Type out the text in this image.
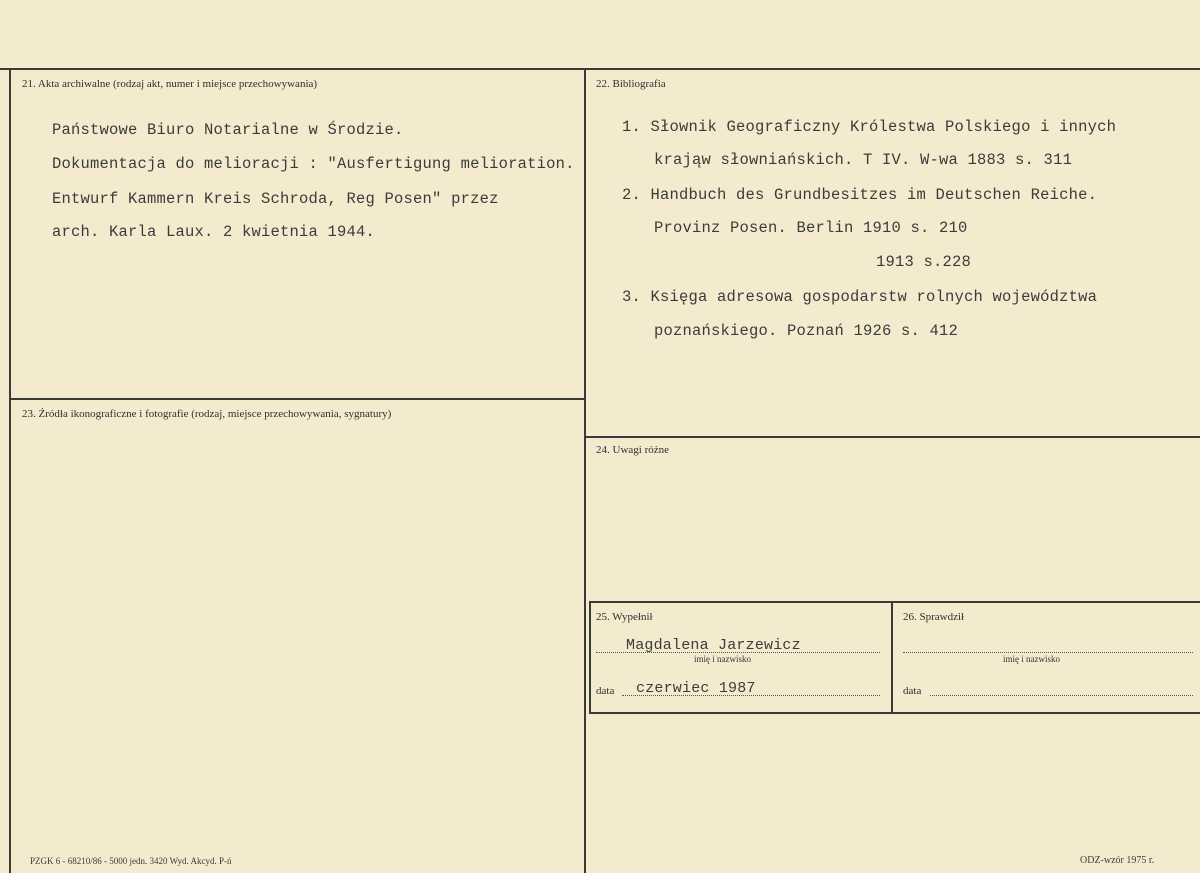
21. Akta archiwalne (rodzaj akt, numer i miejsce przechowywania)
Państwowe Biuro Notarialne w Środzie.
Dokumentacja do melioracji : "Ausfertigung melioration.
Entwurf Kammern Kreis Schroda, Reg Posen" przez
arch. Karla Laux. 2 kwietnia 1944.
22. Bibliografia
1. Słownik Geograficzny Królestwa Polskiego i innych
krająw słowniańskich. T IV. W-wa 1883 s. 311
2. Handbuch des Grundbesitzes im Deutschen Reiche.
Provinz Posen. Berlin 1910 s. 210
1913 s.228
3. Księga adresowa gospodarstw rolnych województwa
poznańskiego. Poznań 1926 s. 412
23. Źródła ikonograficzne i fotografie (rodzaj, miejsce przechowywania, sygnatury)
24. Uwagi różne
25. Wypełnił
Magdalena Jarzewicz
imię i nazwisko
data czerwiec 1987
26. Sprawdził
imię i nazwisko
data
PZGK 6 - 68210/86 - 5000 jedn. 3420 Wyd. Akcyd. P-ń	ODZ-wzór 1975 r.
